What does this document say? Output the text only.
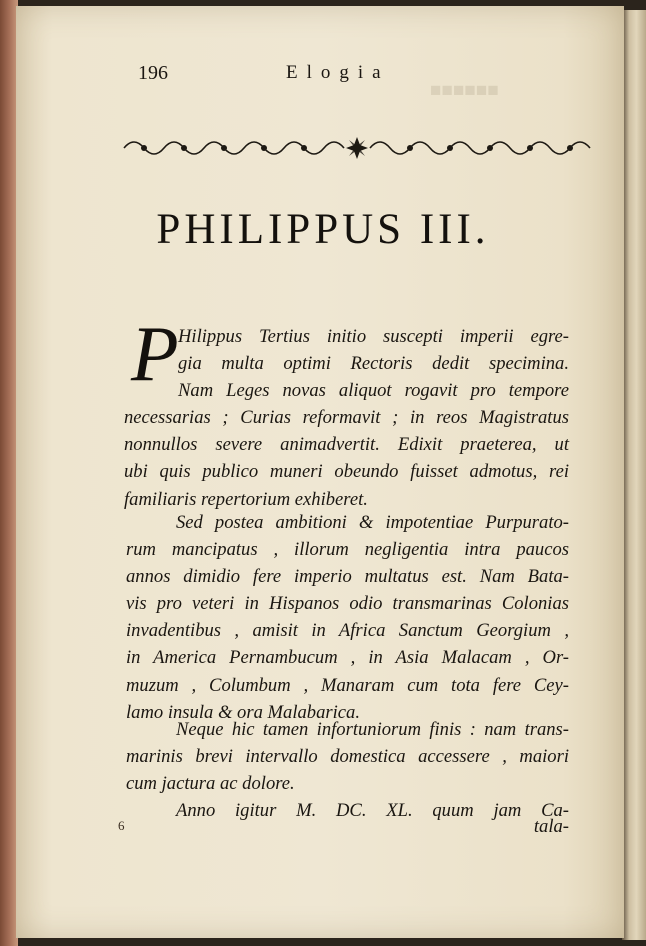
■■■■■■
196	Elogia
PHILIPPUS III.
P Hilippus Tertius initio suscepti imperii egre-
gia multa optimi Rectoris dedit specimina.
Nam Leges novas aliquot rogavit pro tempore
necessarias ; Curias reformavit ; in reos Magistratus
nonnullos severe animadvertit. Edixit praeterea, ut
ubi quis publico muneri obeundo fuisset admotus, rei
familiaris repertorium exhiberet.
Sed postea ambitioni & impotentiae Purpurato-
rum mancipatus , illorum negligentia intra paucos
annos dimidio fere imperio multatus est. Nam Bata-
vis pro veteri in Hispanos odio transmarinas Colonias
invadentibus , amisit in Africa Sanctum Georgium ,
in America Pernambucum , in Asia Malacam , Or-
muzum , Columbum , Manaram cum tota fere Cey-
lamo insula & ora Malabarica.
Neque hic tamen infortuniorum finis : nam trans-
marinis brevi intervallo domestica accessere , maiori
cum jactura ac dolore.
Anno igitur M. DC. XL. quum jam Ca-
6	tala-
